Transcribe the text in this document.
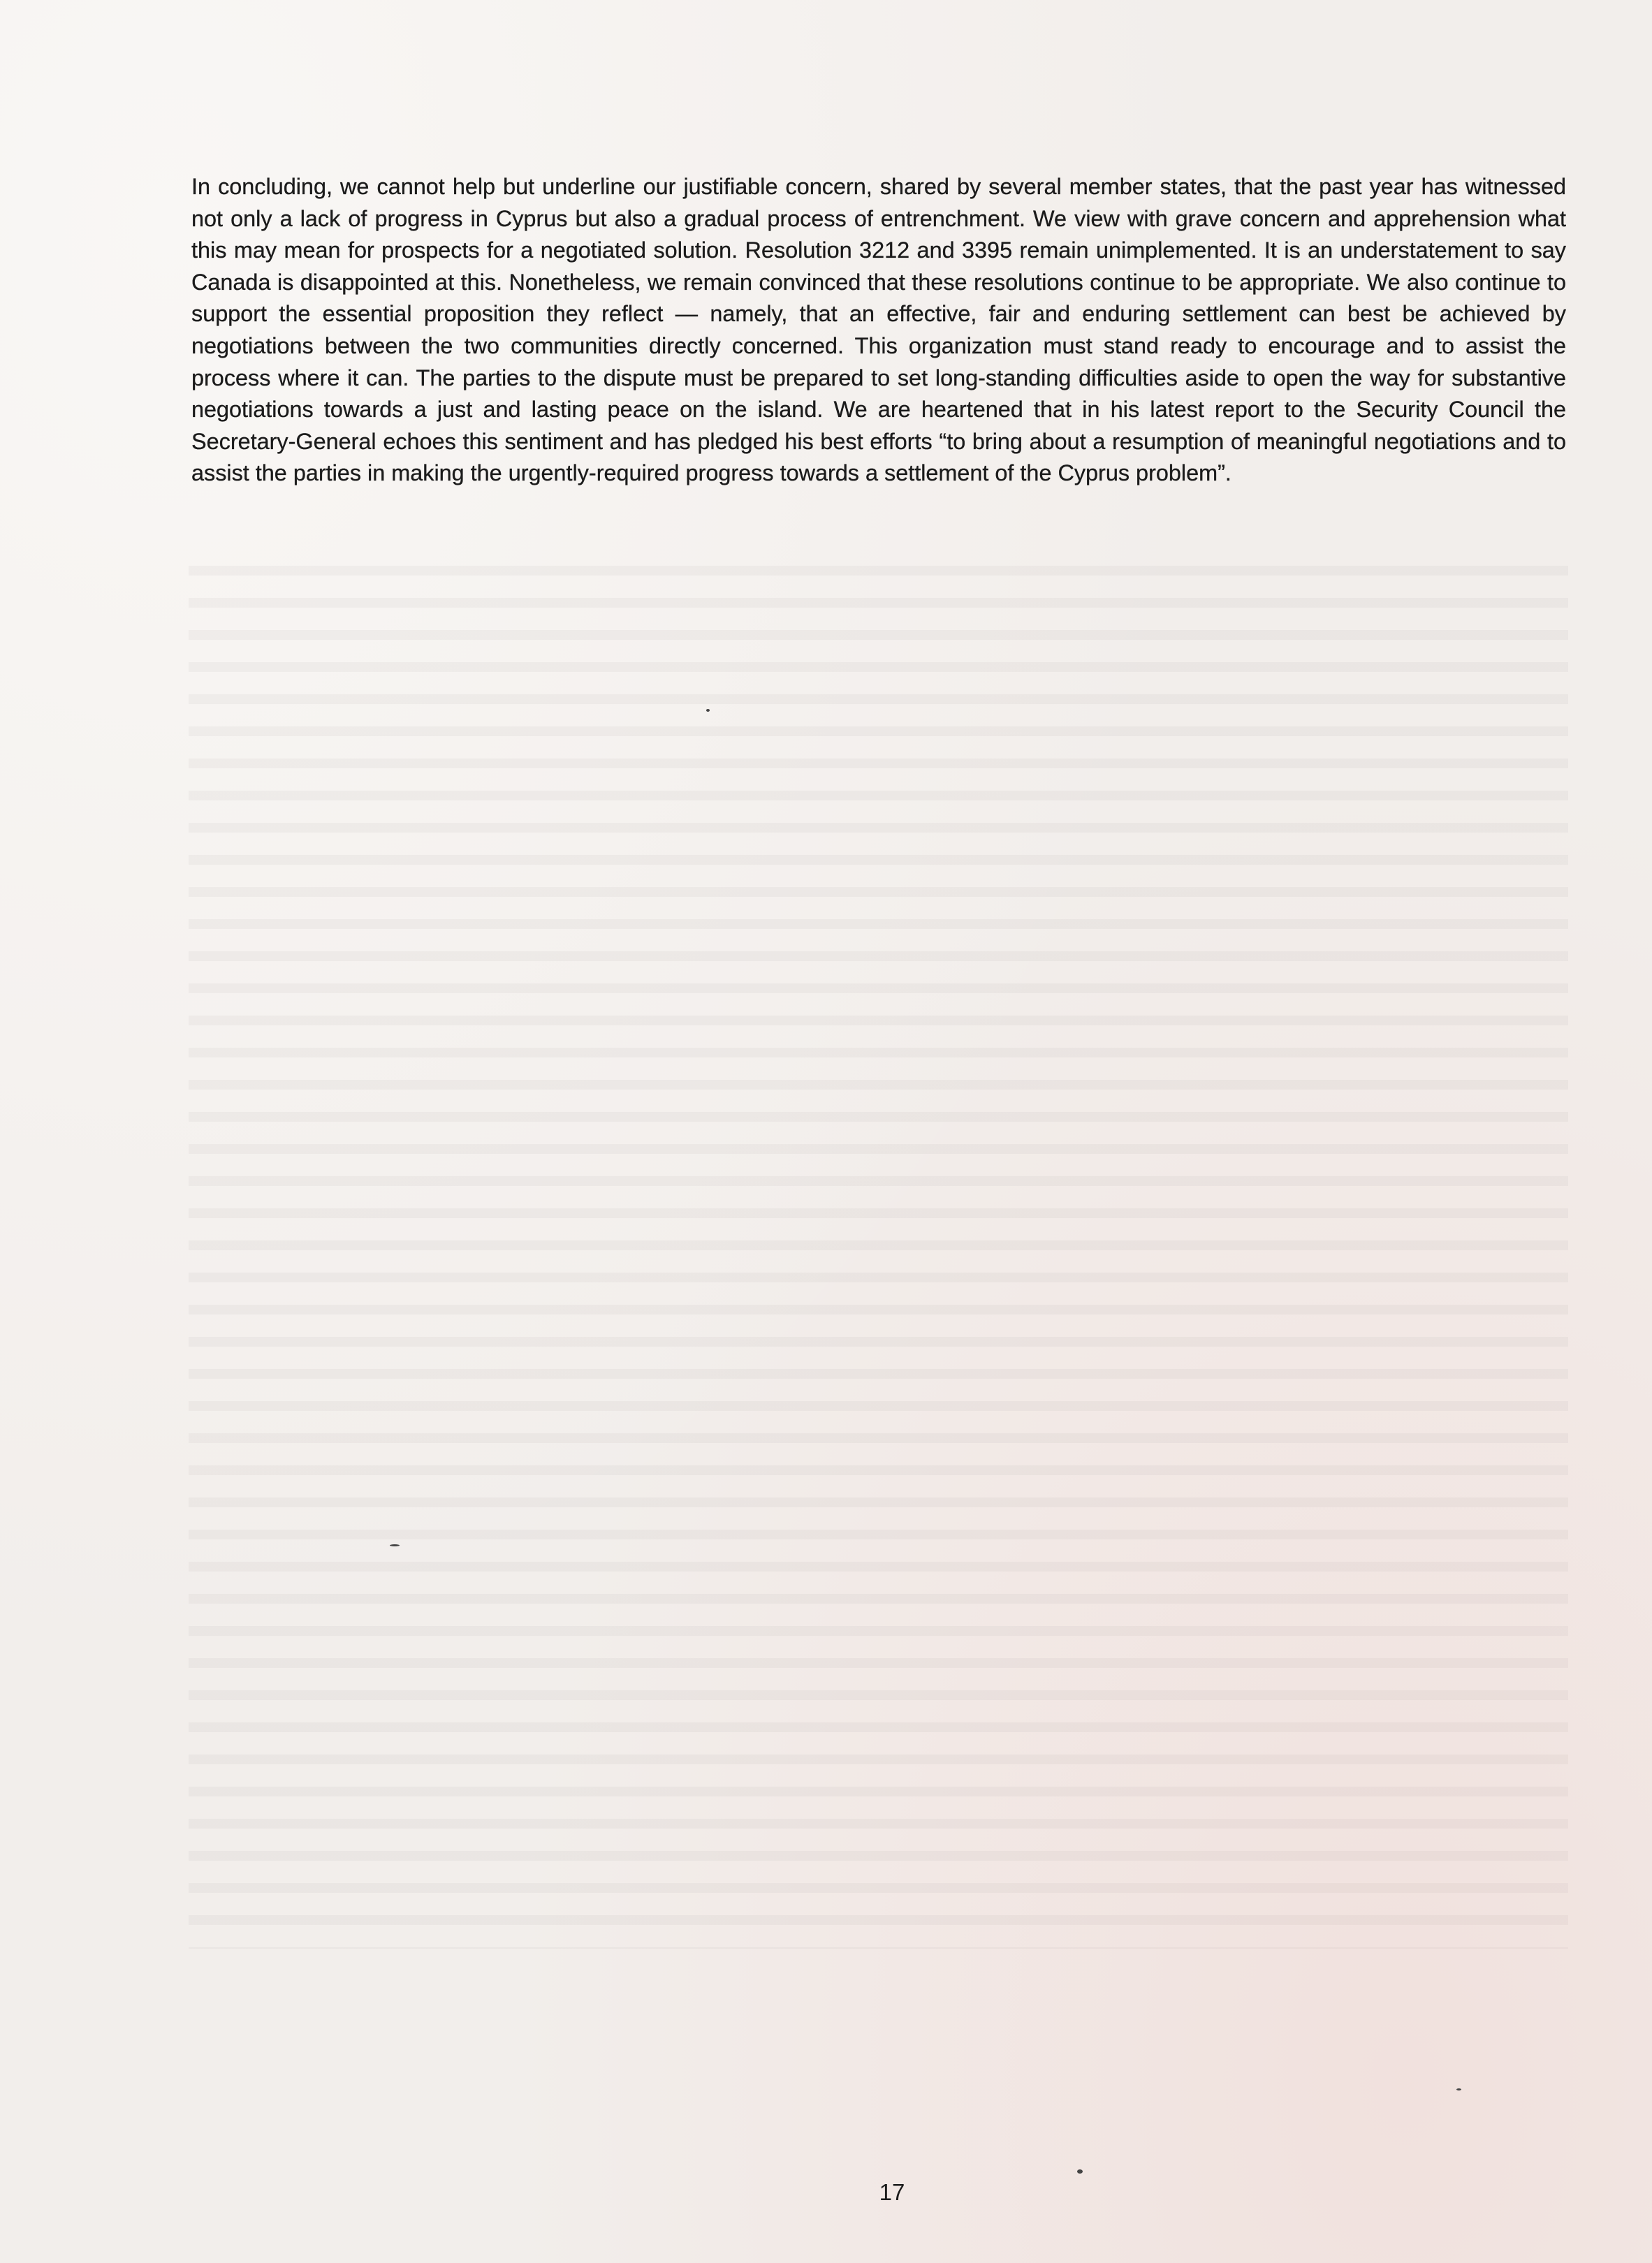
In concluding, we cannot help but underline our justifiable concern, shared by several member states, that the past year has witnessed not only a lack of progress in Cyprus but also a gradual process of entrenchment. We view with grave concern and apprehension what this may mean for prospects for a negotiated solution. Resolution 3212 and 3395 remain unimplemented. It is an understatement to say Canada is disappointed at this. Nonetheless, we remain convinced that these resolutions continue to be appropriate. We also continue to support the essential proposition they reflect — namely, that an effective, fair and enduring settlement can best be achieved by negotiations between the two communities directly concerned. This organization must stand ready to encourage and to assist the process where it can. The parties to the dispute must be prepared to set long-standing difficulties aside to open the way for substantive negotiations towards a just and lasting peace on the island. We are heartened that in his latest report to the Security Council the Secretary-General echoes this sentiment and has pledged his best efforts “to bring about a resumption of meaningful negotiations and to assist the parties in making the urgently-required progress towards a settlement of the Cyprus problem”.

17
